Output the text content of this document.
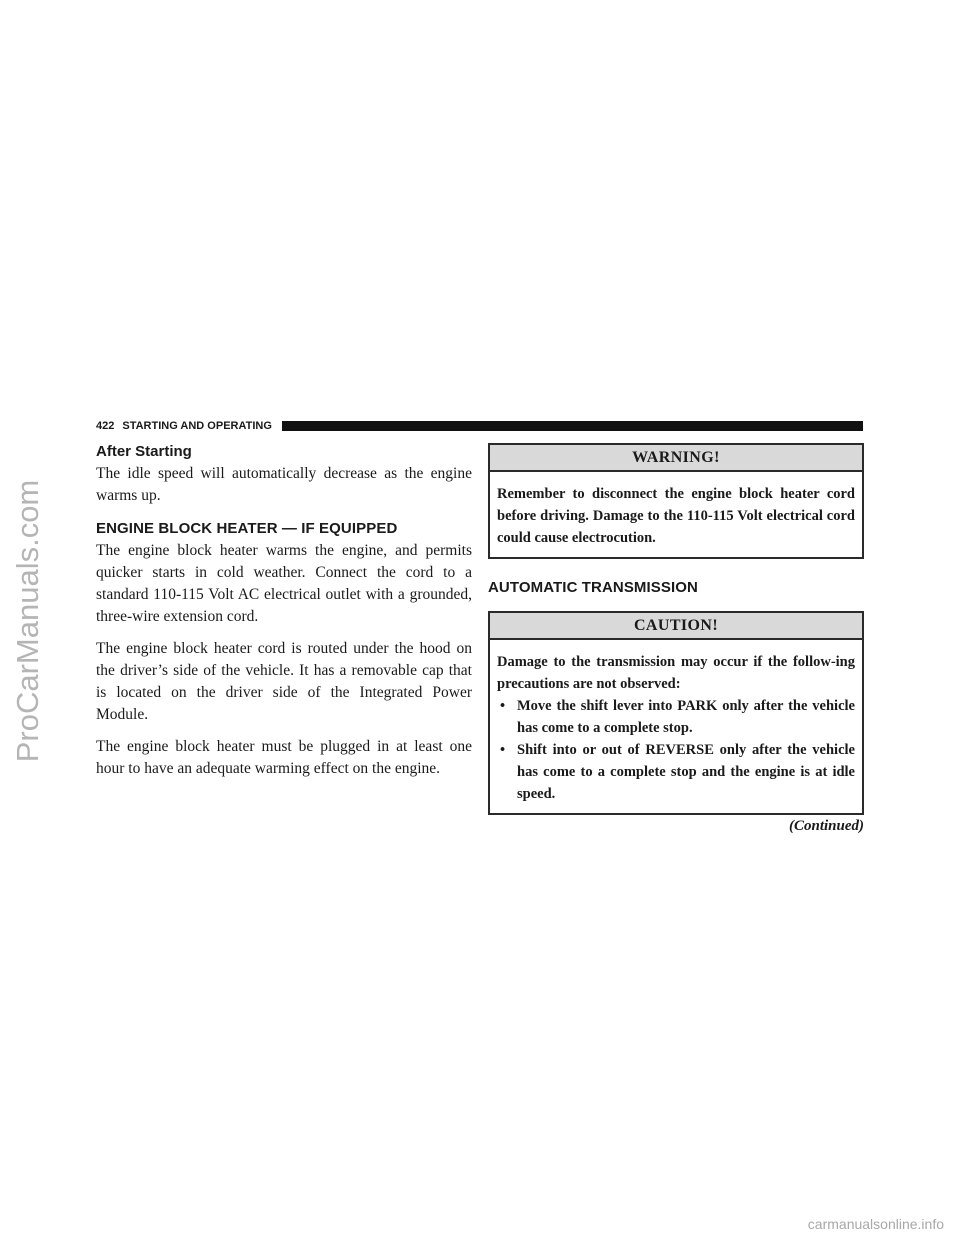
422 STARTING AND OPERATING
After Starting

The idle speed will automatically decrease as the engine warms up.

ENGINE BLOCK HEATER — IF EQUIPPED

The engine block heater warms the engine, and permits quicker starts in cold weather. Connect the cord to a standard 110-115 Volt AC electrical outlet with a grounded, three-wire extension cord.

The engine block heater cord is routed under the hood on the driver’s side of the vehicle. It has a removable cap that is located on the driver side of the Integrated Power Module.

The engine block heater must be plugged in at least one hour to have an adequate warming effect on the engine.

WARNING!
Remember to disconnect the engine block heater cord before driving. Damage to the 110-115 Volt electrical cord could cause electrocution.
AUTOMATIC TRANSMISSION
CAUTION!
Damage to the transmission may occur if the follow-ing precautions are not observed:
• Move the shift lever into PARK only after the vehicle has come to a complete stop.
• Shift into or out of REVERSE only after the vehicle has come to a complete stop and the engine is at idle speed.
(Continued)
ProCarManuals.com
carmanualsonline.info
